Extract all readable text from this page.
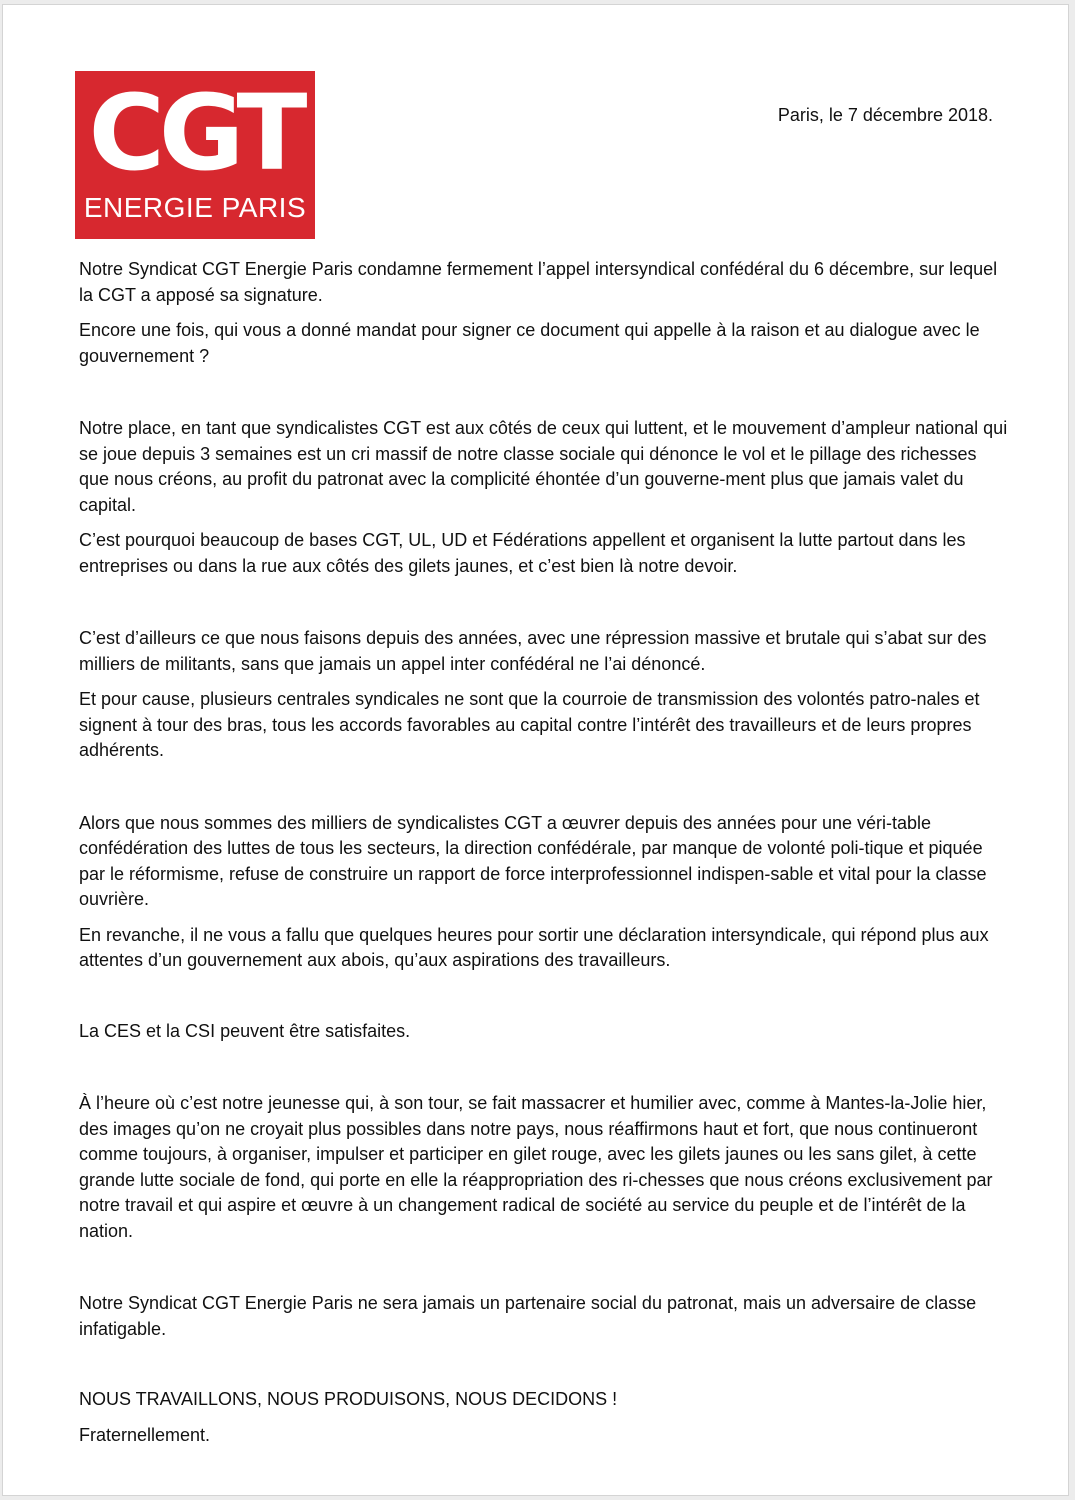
CGT
ENERGIE PARIS
Paris, le 7 décembre 2018.

Notre Syndicat CGT Energie Paris condamne fermement l’appel intersyndical confédéral du 6 décembre, sur lequel la CGT a apposé sa signature.

Encore une fois, qui vous a donné mandat pour signer ce document qui appelle à la raison et au dialogue avec le gouvernement ?

Notre place, en tant que syndicalistes CGT est aux côtés de ceux qui luttent, et le mouvement d’ampleur national qui se joue depuis 3 semaines est un cri massif de notre classe sociale qui dénonce le vol et le pillage des richesses que nous créons, au profit du patronat avec la complicité éhontée d’un gouverne-ment plus que jamais valet du capital.

C’est pourquoi beaucoup de bases CGT, UL, UD et Fédérations appellent et organisent la lutte partout dans les entreprises ou dans la rue aux côtés des gilets jaunes, et c’est bien là notre devoir.

C’est d’ailleurs ce que nous faisons depuis des années, avec une répression massive et brutale qui s’abat sur des milliers de militants, sans que jamais un appel inter confédéral ne l’ai dénoncé.

Et pour cause, plusieurs centrales syndicales ne sont que la courroie de transmission des volontés patro-nales et signent à tour des bras, tous les accords favorables au capital contre l’intérêt des travailleurs et de leurs propres adhérents.

Alors que nous sommes des milliers de syndicalistes CGT a œuvrer depuis des années pour une véri-table confédération des luttes de tous les secteurs, la direction confédérale, par manque de volonté poli-tique et piquée par le réformisme, refuse de construire un rapport de force interprofessionnel indispen-sable et vital pour la classe ouvrière.

En revanche, il ne vous a fallu que quelques heures pour sortir une déclaration intersyndicale, qui répond plus aux attentes d’un gouvernement aux abois, qu’aux aspirations des travailleurs.

La CES et la CSI peuvent être satisfaites.

À l’heure où c’est notre jeunesse qui, à son tour, se fait massacrer et humilier avec, comme à Mantes-la-Jolie hier, des images qu’on ne croyait plus possibles dans notre pays, nous réaffirmons haut et fort, que nous continueront comme toujours, à organiser, impulser et participer en gilet rouge, avec les gilets jaunes ou les sans gilet, à cette grande lutte sociale de fond, qui porte en elle la réappropriation des ri-chesses que nous créons exclusivement par notre travail et qui aspire et œuvre à un changement radical de société au service du peuple et de l’intérêt de la nation.

Notre Syndicat CGT Energie Paris ne sera jamais un partenaire social du patronat, mais un adversaire de classe infatigable.

NOUS TRAVAILLONS, NOUS PRODUISONS, NOUS DECIDONS !

Fraternellement.
